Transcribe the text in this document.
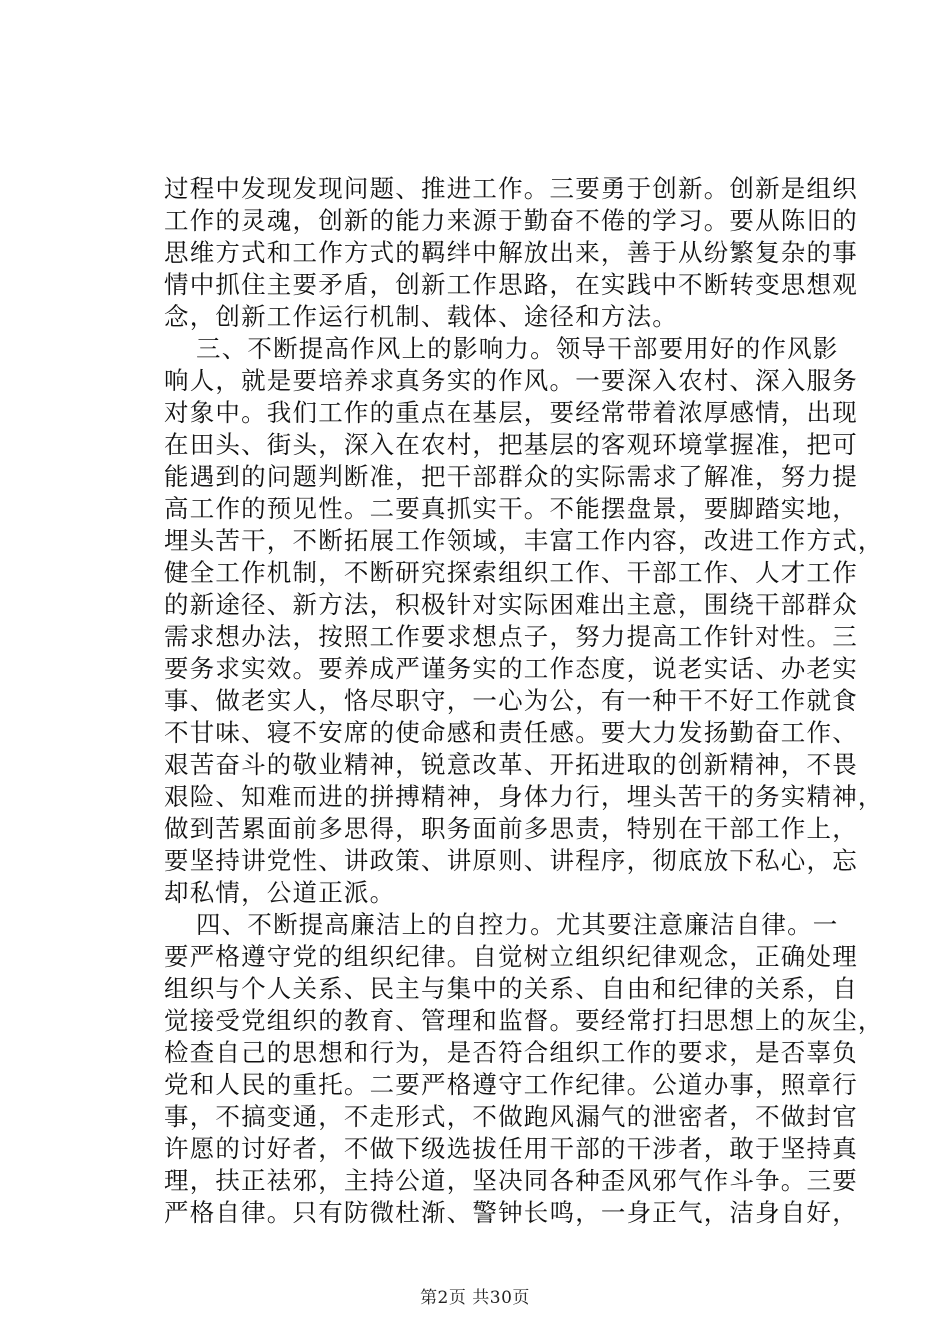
过程中发现发现问题、推进工作。三要勇于创新。创新是组织
工作的灵魂，创新的能力来源于勤奋不倦的学习。要从陈旧的
思维方式和工作方式的羁绊中解放出来，善于从纷繁复杂的事
情中抓住主要矛盾，创新工作思路，在实践中不断转变思想观
念，创新工作运行机制、载体、途径和方法。
三、不断提高作风上的影响力。领导干部要用好的作风影
响人，就是要培养求真务实的作风。一要深入农村、深入服务
对象中。我们工作的重点在基层，要经常带着浓厚感情，出现
在田头、街头，深入在农村，把基层的客观环境掌握准，把可
能遇到的问题判断准，把干部群众的实际需求了解准，努力提
高工作的预见性。二要真抓实干。不能摆盘景，要脚踏实地，
埋头苦干，不断拓展工作领域，丰富工作内容，改进工作方式，
健全工作机制，不断研究探索组织工作、干部工作、人才工作
的新途径、新方法，积极针对实际困难出主意，围绕干部群众
需求想办法，按照工作要求想点子，努力提高工作针对性。三
要务求实效。要养成严谨务实的工作态度，说老实话、办老实
事、做老实人，恪尽职守，一心为公，有一种干不好工作就食
不甘味、寝不安席的使命感和责任感。要大力发扬勤奋工作、
艰苦奋斗的敬业精神，锐意改革、开拓进取的创新精神，不畏
艰险、知难而进的拼搏精神，身体力行，埋头苦干的务实精神，
做到苦累面前多思得，职务面前多思责，特别在干部工作上，
要坚持讲党性、讲政策、讲原则、讲程序，彻底放下私心，忘
却私情，公道正派。
四、不断提高廉洁上的自控力。尤其要注意廉洁自律。一
要严格遵守党的组织纪律。自觉树立组织纪律观念，正确处理
组织与个人关系、民主与集中的关系、自由和纪律的关系，自
觉接受党组织的教育、管理和监督。要经常打扫思想上的灰尘，
检查自己的思想和行为，是否符合组织工作的要求，是否辜负
党和人民的重托。二要严格遵守工作纪律。公道办事，照章行
事，不搞变通，不走形式，不做跑风漏气的泄密者，不做封官
许愿的讨好者，不做下级选拔任用干部的干涉者，敢于坚持真
理，扶正祛邪，主持公道，坚决同各种歪风邪气作斗争。三要
严格自律。只有防微杜渐、警钟长鸣，一身正气，洁身自好，
第2页 共30页
